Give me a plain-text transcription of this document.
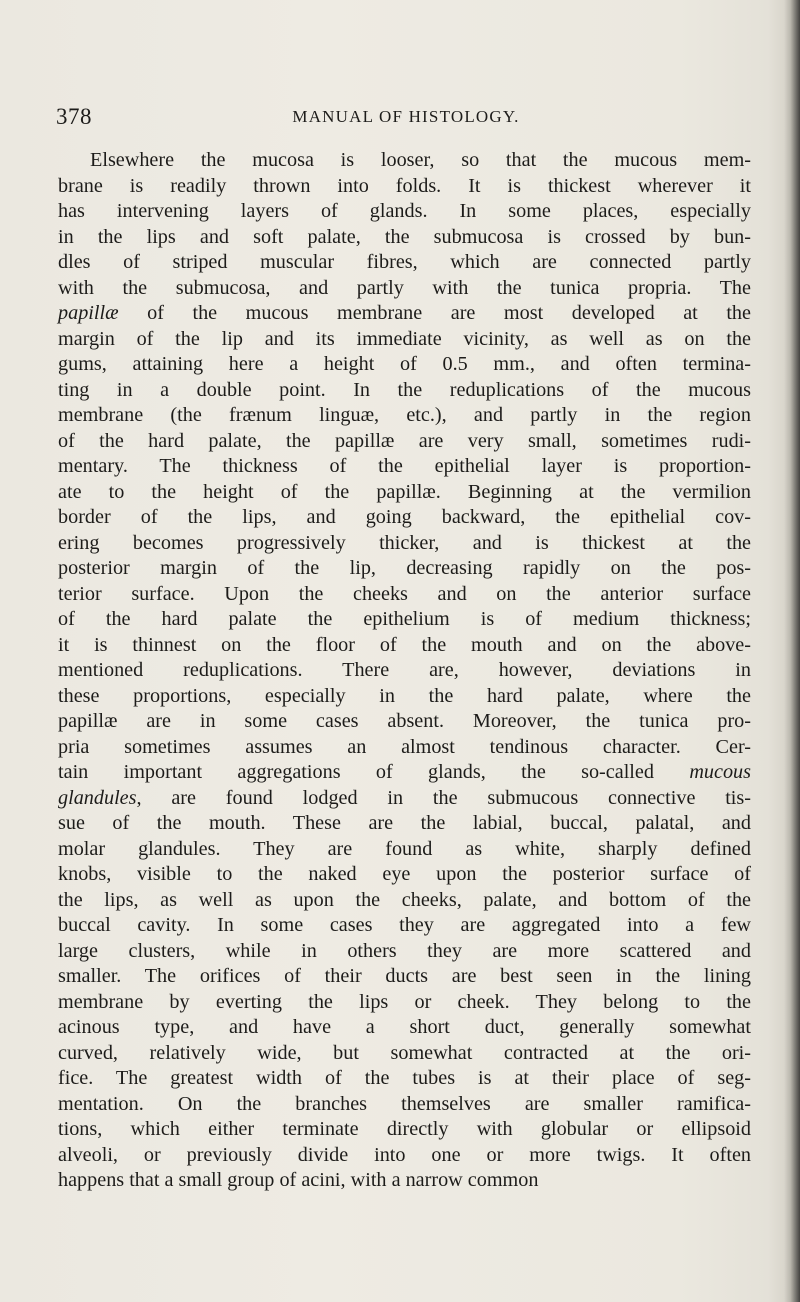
378	MANUAL OF HISTOLOGY.
Elsewhere the mucosa is looser, so that the mucous mem-
brane is readily thrown into folds. It is thickest wherever it
has intervening layers of glands. In some places, especially
in the lips and soft palate, the submucosa is crossed by bun-
dles of striped muscular fibres, which are connected partly
with the submucosa, and partly with the tunica propria. The
papillæ of the mucous membrane are most developed at the
margin of the lip and its immediate vicinity, as well as on the
gums, attaining here a height of 0.5 mm., and often termina-
ting in a double point. In the reduplications of the mucous
membrane (the frænum linguæ, etc.), and partly in the region
of the hard palate, the papillæ are very small, sometimes rudi-
mentary. The thickness of the epithelial layer is proportion-
ate to the height of the papillæ. Beginning at the vermilion
border of the lips, and going backward, the epithelial cov-
ering becomes progressively thicker, and is thickest at the
posterior margin of the lip, decreasing rapidly on the pos-
terior surface. Upon the cheeks and on the anterior surface
of the hard palate the epithelium is of medium thickness;
it is thinnest on the floor of the mouth and on the above-
mentioned reduplications. There are, however, deviations in
these proportions, especially in the hard palate, where the
papillæ are in some cases absent. Moreover, the tunica pro-
pria sometimes assumes an almost tendinous character. Cer-
tain important aggregations of glands, the so-called mucous
glandules, are found lodged in the submucous connective tis-
sue of the mouth. These are the labial, buccal, palatal, and
molar glandules. They are found as white, sharply defined
knobs, visible to the naked eye upon the posterior surface of
the lips, as well as upon the cheeks, palate, and bottom of the
buccal cavity. In some cases they are aggregated into a few
large clusters, while in others they are more scattered and
smaller. The orifices of their ducts are best seen in the lining
membrane by everting the lips or cheek. They belong to the
acinous type, and have a short duct, generally somewhat
curved, relatively wide, but somewhat contracted at the ori-
fice. The greatest width of the tubes is at their place of seg-
mentation. On the branches themselves are smaller ramifica-
tions, which either terminate directly with globular or ellipsoid
alveoli, or previously divide into one or more twigs. It often
happens that a small group of acini, with a narrow common
